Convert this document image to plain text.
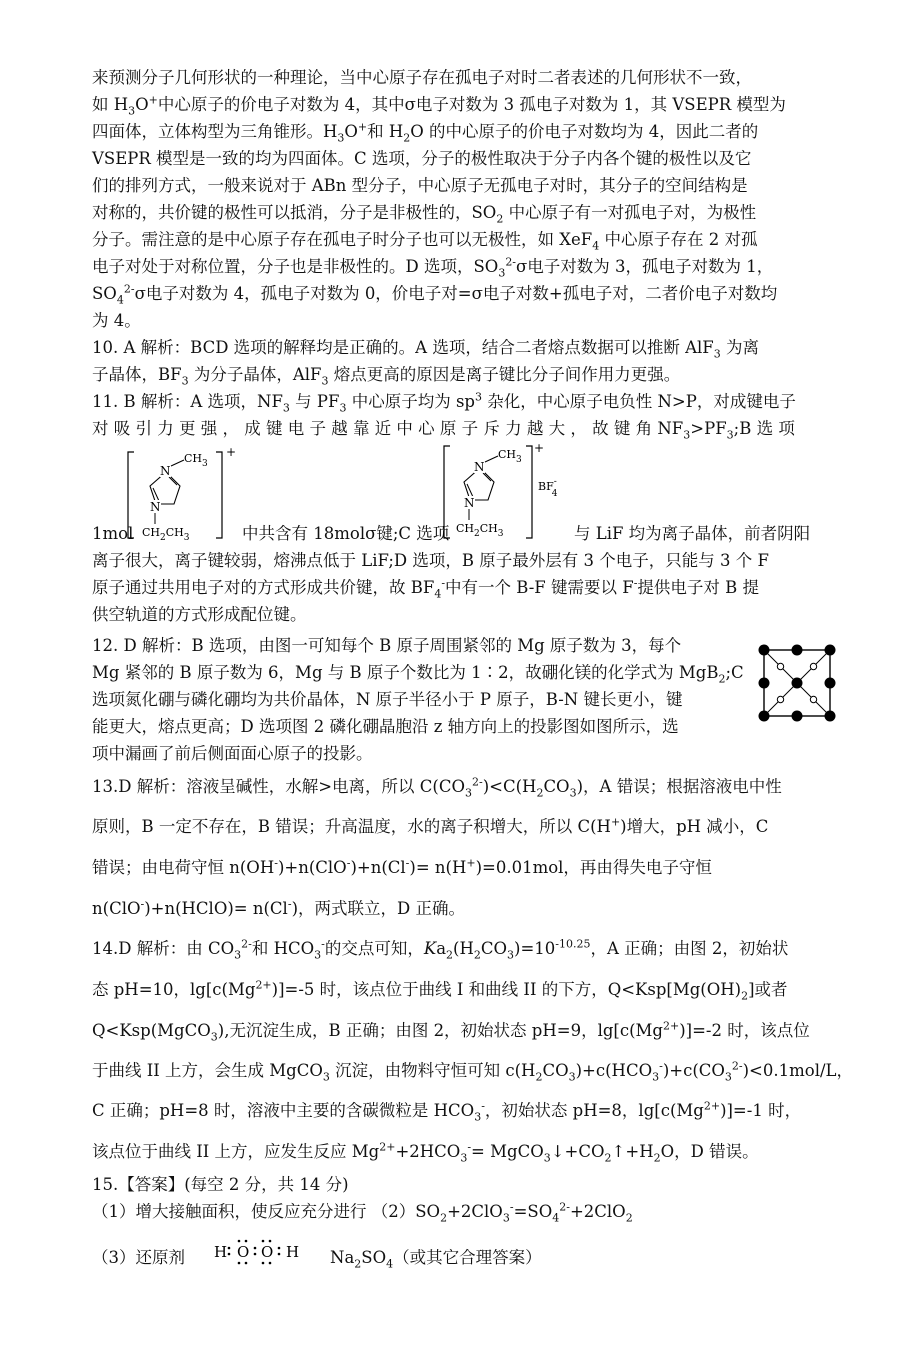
来预测分子几何形状的一种理论，当中心原子存在孤电子对时二者表述的几何形状不一致，
如 $H_3O^+$中心原子的价电子对数为 4，其中σ电子对数为 3 孤电子对数为 1，其 VSEPR 模型为
四面体，立体构型为三角锥形。$H_3O^+$和 $H_2O$ 的中心原子的价电子对数均为 4，因此二者的
VSEPR 模型是一致的均为四面体。C 选项，分子的极性取决于分子内各个键的极性以及它
们的排列方式，一般来说对于 ABn 型分子，中心原子无孤电子对时，其分子的空间结构是
对称的，共价键的极性可以抵消，分子是非极性的，$SO_2$ 中心原子有一对孤电子对，为极性
分子。需注意的是中心原子存在孤电子时分子也可以无极性，如 XeF$_4$ 中心原子存在 2 对孤
电子对处于对称位置，分子也是非极性的。D 选项，$SO_3^{2-}\sigma$电子对数为 3，孤电子对数为 1，
$SO_4^{2-}\sigma$电子对数为 4，孤电子对数为 0，价电子对=σ电子对数+孤电子对，二者价电子对数均
为 4。
10. A 解析：BCD 选项的解释均是正确的。A 选项，结合二者熔点数据可以推断 AlF$_3$ 为离
子晶体，$BF_3$ 为分子晶体，AlF$_3$ 熔点更高的原因是离子键比分子间作用力更强。
11. B 解析：A 选项，$NF_3$ 与 $PF_3$ 中心原子均为 $sp^3$ 杂化，中心原子电负性 N>P，对成键电子
对 吸 引 力 更 强 ， 成 键 电 子 越 靠 近 中 心 原 子 斥 力 越 大 ， 故 键 角 $NF_3>PF_3;B$ 选 项
离子很大，离子键较弱，熔沸点低于 LiF;D 选项，B 原子最外层有 3 个电子，只能与 3 个 F
原子通过共用电子对的方式形成共价键，故 $BF_4^-$中有一个 B-F 键需要以 F-提供电子对 B 提
供空轨道的方式形成配位键。
12. D 解析：B 选项，由图一可知每个 B 原子周围紧邻的 Mg 原子数为 3，每个
Mg 紧邻的 B 原子数为 6，Mg 与 B 原子个数比为 1∶2，故硼化镁的化学式为 MgB$_2$;C
选项氮化硼与磷化硼均为共价晶体，N 原子半径小于 P 原子，B-N 键长更小，键
能更大，熔点更高；D 选项图 2 磷化硼晶胞沿 z 轴方向上的投影图如图所示，选
项中漏画了前后侧面面心原子的投影。
13.D 解析：溶液呈碱性，水解>电离，所以 $C(CO_3^{2-})<C(H_2CO_3)$，A 错误；根据溶液电中性
原则，B 一定不存在，B 错误；升高温度，水的离子积增大，所以 C(H+)增大，pH 减小，C
错误；由电荷守恒 n(OH-)+n(ClO-)+n(Cl-)= n(H+)=0.01mol，再由得失电子守恒
n(ClO-)+n(HClO)= n(Cl-)，两式联立，D 正确。
14.D 解析：由 $CO_3^{2-}$和 $HCO_3^-$的交点可知，$Ka_2(H_2CO_3)=10^{-10.25}$，A 正确；由图 2，初始状
态 pH=10，$\lg[c(Mg^{2+})]=-5$ 时，该点位于曲线 I 和曲线 II 的下方，$Q<Ksp[Mg(OH)_2]$或者
Q<Ksp(MgCO$_3$),无沉淀生成，B 正确；由图 2，初始状态 pH=9，$\lg[c(Mg^{2+})]=-2$ 时，该点位
于曲线 II 上方，会生成 MgCO$_3$ 沉淀，由物料守恒可知 $c(H_2CO_3)+c(HCO_3^-)+c(CO_3^{2-})<0.1mol/L$，
C 正确；pH=8 时，溶液中主要的含碳微粒是 $HCO_3^-$，初始状态 pH=8，$\lg[c(Mg^{2+})]=-1$ 时，
该点位于曲线 II 上方，应发生反应 $Mg^{2+}+2HCO_3^-=$ $MgCO_3↓+CO_2↑+H_2O$，D 错误。
15.【答案】(每空 2 分，共 14 分)
（1）增大接触面积，使反应充分进行 $(2)SO_2+2ClO_3^-=SO_4^{2-}+2ClO_2$
1mol
+
N
$CH_3$
N
$CH_2CH_3$	中共含有 18molσ键;C 选项
+
BF-4
N
$CH_3$
N
$CH_2CH_3$	与 LiF 均为离子晶体，前者阴阳
（3）还原剂 H O O H $Na_2SO_4$（或其它合理答案）
